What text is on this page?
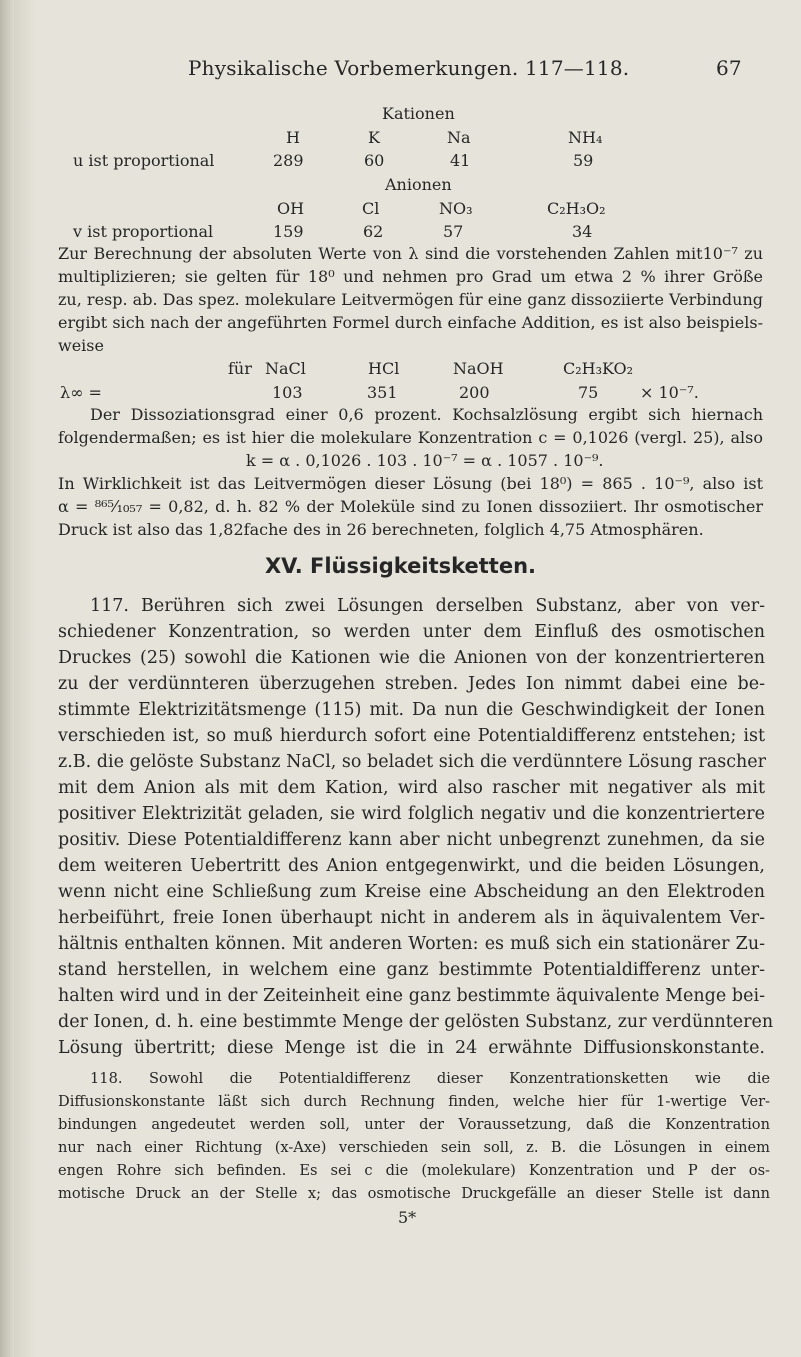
Physikalische Vorbemerkungen. 117—118.	67
Kationen
H	K	Na	NH₄
u ist proportional	289	60	41	59
Anionen
OH	Cl	NO₃	C₂H₃O₂
v ist proportional	159	62	57	34
Zur Berechnung der absoluten Werte von λ sind die vorstehenden Zahlen mit10⁻⁷ zu
multiplizieren; sie gelten für 18⁰ und nehmen pro Grad um etwa 2 % ihrer Größe
zu, resp. ab. Das spez. molekulare Leitvermögen für eine ganz dissoziierte Verbindung
ergibt sich nach der angeführten Formel durch einfache Addition, es ist also beispiels-
weise
für NaCl	HCl	NaOH	C₂H₃KO₂
λ∞ =	103	351	200	75	× 10⁻⁷.
Der Dissoziationsgrad einer 0,6 prozent. Kochsalzlösung ergibt sich hiernach
folgendermaßen; es ist hier die molekulare Konzentration c = 0,1026 (vergl. 25), also
k = α . 0,1026 . 103 . 10⁻⁷ = α . 1057 . 10⁻⁹.
In Wirklichkeit ist das Leitvermögen dieser Lösung (bei 18⁰) = 865 . 10⁻⁹, also ist
α = ⁸⁶⁵⁄₁₀₅₇ = 0,82, d. h. 82 % der Moleküle sind zu Ionen dissoziiert. Ihr osmotischer
Druck ist also das 1,82fache des in 26 berechneten, folglich 4,75 Atmosphären.
XV. Flüssigkeitsketten.
117. Berühren sich zwei Lösungen derselben Substanz, aber von ver-
schiedener Konzentration, so werden unter dem Einfluß des osmotischen
Druckes (25) sowohl die Kationen wie die Anionen von der konzentrierteren
zu der verdünnteren überzugehen streben. Jedes Ion nimmt dabei eine be-
stimmte Elektrizitätsmenge (115) mit. Da nun die Geschwindigkeit der Ionen
verschieden ist, so muß hierdurch sofort eine Potentialdifferenz entstehen; ist
z.B. die gelöste Substanz NaCl, so beladet sich die verdünntere Lösung rascher
mit dem Anion als mit dem Kation, wird also rascher mit negativer als mit
positiver Elektrizität geladen, sie wird folglich negativ und die konzentriertere
positiv. Diese Potentialdifferenz kann aber nicht unbegrenzt zunehmen, da sie
dem weiteren Uebertritt des Anion entgegenwirkt, und die beiden Lösungen,
wenn nicht eine Schließung zum Kreise eine Abscheidung an den Elektroden
herbeiführt, freie Ionen überhaupt nicht in anderem als in äquivalentem Ver-
hältnis enthalten können. Mit anderen Worten: es muß sich ein stationärer Zu-
stand herstellen, in welchem eine ganz bestimmte Potentialdifferenz unter-
halten wird und in der Zeiteinheit eine ganz bestimmte äquivalente Menge bei-
der Ionen, d. h. eine bestimmte Menge der gelösten Substanz, zur verdünnteren
Lösung übertritt; diese Menge ist die in 24 erwähnte Diffusionskonstante.
118. Sowohl die Potentialdifferenz dieser Konzentrationsketten wie die
Diffusionskonstante läßt sich durch Rechnung finden, welche hier für 1-wertige Ver-
bindungen angedeutet werden soll, unter der Voraussetzung, daß die Konzentration
nur nach einer Richtung (x-Axe) verschieden sein soll, z. B. die Lösungen in einem
engen Rohre sich befinden. Es sei c die (molekulare) Konzentration und P der os-
motische Druck an der Stelle x; das osmotische Druckgefälle an dieser Stelle ist dann
5*
